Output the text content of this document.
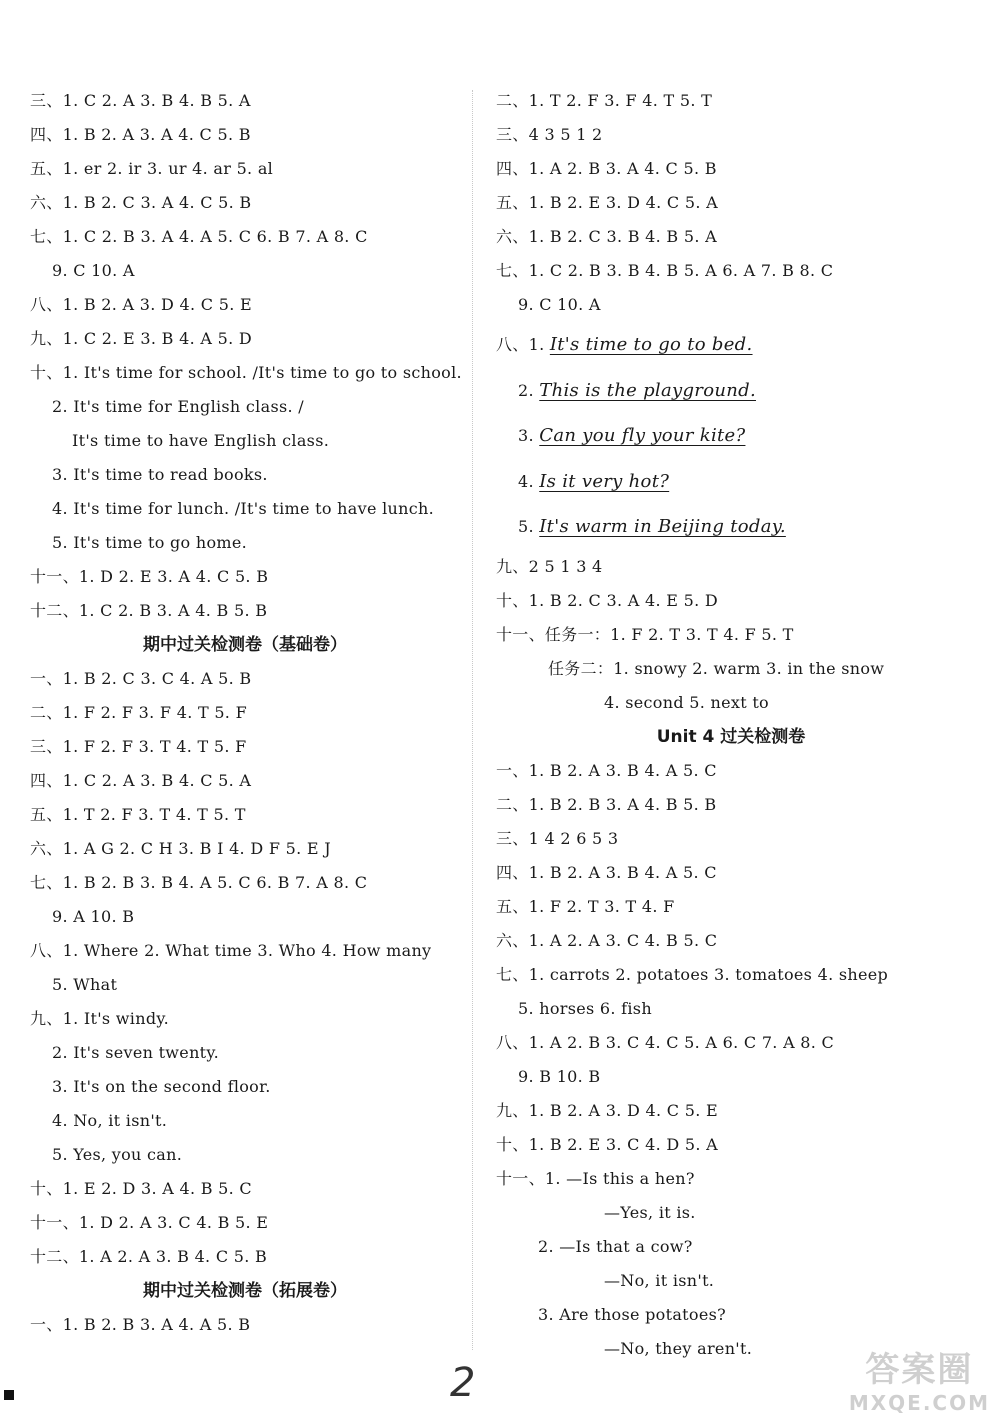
三、1. C 2. A 3. B 4. B 5. A
四、1. B 2. A 3. A 4. C 5. B
五、1. er 2. ir 3. ur 4. ar 5. al
六、1. B 2. C 3. A 4. C 5. B
七、1. C 2. B 3. A 4. A 5. C 6. B 7. A 8. C
9. C 10. A
八、1. B 2. A 3. D 4. C 5. E
九、1. C 2. E 3. B 4. A 5. D
十、1. It's time for school. /It's time to go to school.
2. It's time for English class. /
It's time to have English class.
3. It's time to read books.
4. It's time for lunch. /It's time to have lunch.
5. It's time to go home.
十一、1. D 2. E 3. A 4. C 5. B
十二、1. C 2. B 3. A 4. B 5. B
期中过关检测卷（基础卷）
一、1. B 2. C 3. C 4. A 5. B
二、1. F 2. F 3. F 4. T 5. F
三、1. F 2. F 3. T 4. T 5. F
四、1. C 2. A 3. B 4. C 5. A
五、1. T 2. F 3. T 4. T 5. T
六、1. A G 2. C H 3. B I 4. D F 5. E J
七、1. B 2. B 3. B 4. A 5. C 6. B 7. A 8. C
9. A 10. B
八、1. Where 2. What time 3. Who 4. How many
5. What
九、1. It's windy.
2. It's seven twenty.
3. It's on the second floor.
4. No, it isn't.
5. Yes, you can.
十、1. E 2. D 3. A 4. B 5. C
十一、1. D 2. A 3. C 4. B 5. E
十二、1. A 2. A 3. B 4. C 5. B
期中过关检测卷（拓展卷）
一、1. B 2. B 3. A 4. A 5. B
二、1. T 2. F 3. F 4. T 5. T
三、4 3 5 1 2
四、1. A 2. B 3. A 4. C 5. B
五、1. B 2. E 3. D 4. C 5. A
六、1. B 2. C 3. B 4. B 5. A
七、1. C 2. B 3. B 4. B 5. A 6. A 7. B 8. C
9. C 10. A
八、1. It's time to go to bed.
2. This is the playground.
3. Can you fly your kite?
4. Is it very hot?
5. It's warm in Beijing today.
九、2 5 1 3 4
十、1. B 2. C 3. A 4. E 5. D
十一、任务一：1. F 2. T 3. T 4. F 5. T
任务二：1. snowy 2. warm 3. in the snow
4. second 5. next to
Unit 4 过关检测卷
一、1. B 2. A 3. B 4. A 5. C
二、1. B 2. B 3. A 4. B 5. B
三、1 4 2 6 5 3
四、1. B 2. A 3. B 4. A 5. C
五、1. F 2. T 3. T 4. F
六、1. A 2. A 3. C 4. B 5. C
七、1. carrots 2. potatoes 3. tomatoes 4. sheep
5. horses 6. fish
八、1. A 2. B 3. C 4. C 5. A 6. C 7. A 8. C
9. B 10. B
九、1. B 2. A 3. D 4. C 5. E
十、1. B 2. E 3. C 4. D 5. A
十一、1. —Is this a hen?
—Yes, it is.
2. —Is that a cow?
—No, it isn't.
3. Are those potatoes?
—No, they aren't.
2	答案圈
MXQE.COM
